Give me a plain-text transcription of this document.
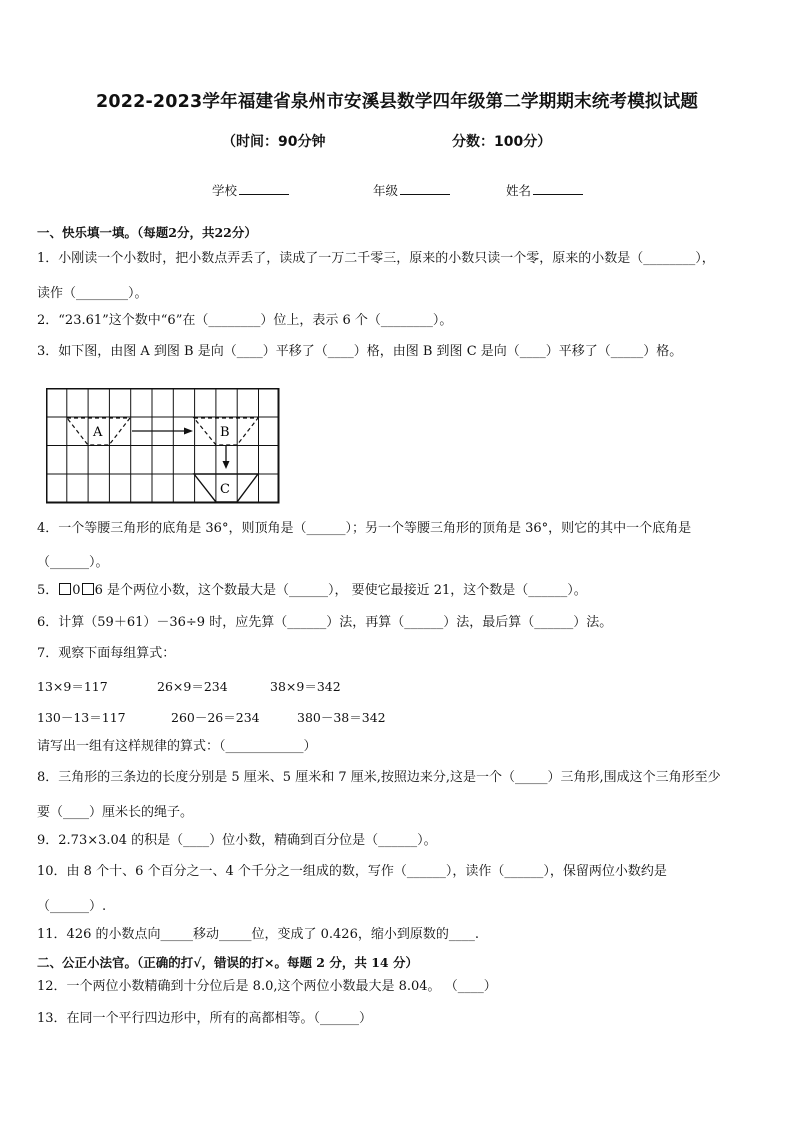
2022-2023学年福建省泉州市安溪县数学四年级第二学期期末统考模拟试题
（时间：90分钟	分数：100分）
学校	年级	姓名
一、快乐填一填。（每题2分，共22分）
1．小刚读一个小数时，把小数点弄丢了，读成了一万二千零三，原来的小数只读一个零，原来的小数是（________），
读作（________）。
2．“23.61”这个数中“6”在（________）位上，表示 6 个（________）。
3．如下图，由图 A 到图 B 是向（____）平移了（____）格，由图 B 到图 C 是向（____）平移了（_____）格。
A	B
C
4．一个等腰三角形的底角是 36°，则顶角是（______）；另一个等腰三角形的顶角是 36°，则它的其中一个底角是
（______）。
5． 0 6 是个两位小数，这个数最大是（______）， 要使它最接近 21，这个数是（______）。
6．计算（59＋61）－36÷9 时，应先算（______）法，再算（______）法，最后算（______）法。
7．观察下面每组算式：
13×9＝117	26×9＝234	38×9＝342
130－13＝117	260－26＝234	380－38＝342
请写出一组有这样规律的算式：（____________）
8．三角形的三条边的长度分别是 5 厘米、5 厘米和 7 厘米,按照边来分,这是一个（_____）三角形,围成这个三角形至少
要（____）厘米长的绳子。
9．2.73×3.04 的积是（____）位小数，精确到百分位是（______）。
10．由 8 个十、6 个百分之一、4 个千分之一组成的数，写作（______），读作（______），保留两位小数约是
（______）.
11．426 的小数点向_____移动_____位，变成了 0.426，缩小到原数的____.
二、公正小法官。（正确的打√，错误的打×。每题 2 分，共 14 分）
12．一个两位小数精确到十分位后是 8.0,这个两位小数最大是 8.04。 （____）
13．在同一个平行四边形中，所有的高都相等。（______）
